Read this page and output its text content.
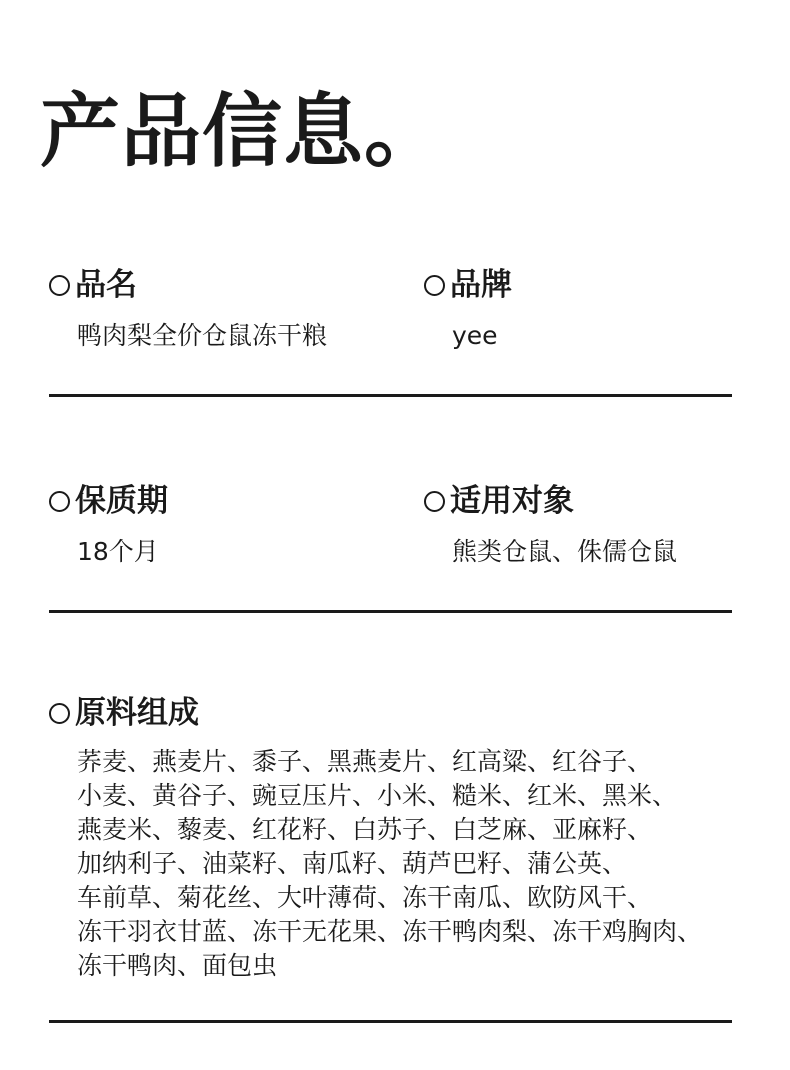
产品信息。
品名
鸭肉梨全价仓鼠冻干粮
品牌
yee
保质期
18个月
适用对象
熊类仓鼠、侏儒仓鼠
原料组成
荞麦、燕麦片、黍子、黑燕麦片、红高粱、红谷子、
小麦、黄谷子、豌豆压片、小米、糙米、红米、黑米、
燕麦米、藜麦、红花籽、白苏子、白芝麻、亚麻籽、
加纳利子、油菜籽、南瓜籽、葫芦巴籽、蒲公英、
车前草、菊花丝、大叶薄荷、冻干南瓜、欧防风干、
冻干羽衣甘蓝、冻干无花果、冻干鸭肉梨、冻干鸡胸肉、
冻干鸭肉、面包虫
